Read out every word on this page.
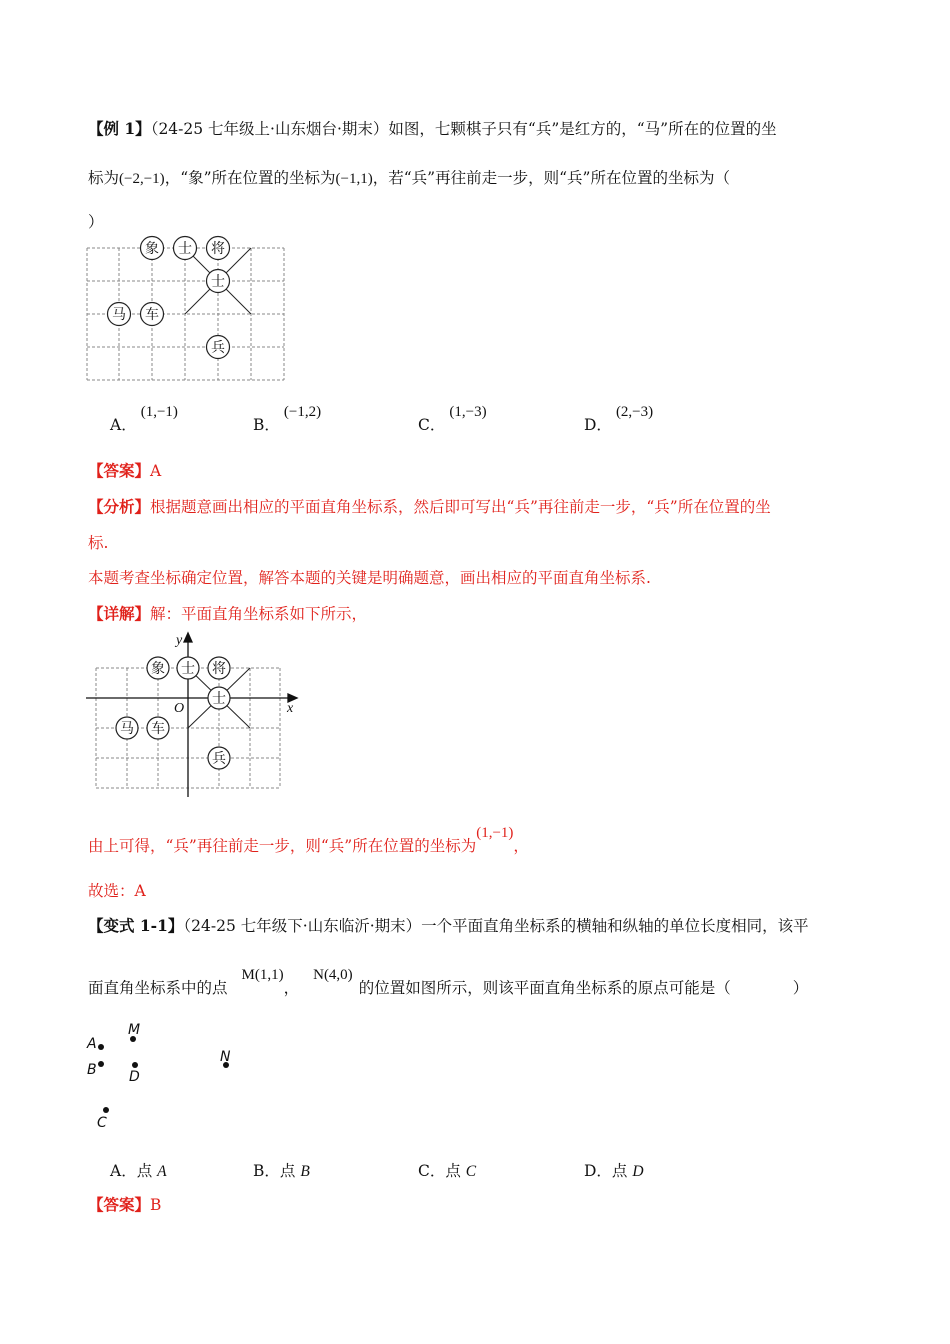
【例 1】（24-25 七年级上·山东烟台·期末）如图，七颗棋子只有“兵”是红方的，“马”所在的位置的坐
标为(−2,−1)，“象”所在位置的坐标为(−1,1)，若“兵”再往前走一步，则“兵”所在位置的坐标为（
）
象 士 将
士
马 车
兵
A．(1,−1)
B．(−1,2)
C．(1,−3)
D．(2,−3)
【答案】A
【分析】根据题意画出相应的平面直角坐标系，然后即可写出“兵”再往前走一步，“兵”所在位置的坐
标.
本题考查坐标确定位置，解答本题的关键是明确题意，画出相应的平面直角坐标系.
【详解】解：平面直角坐标系如下所示，
y
x
O
象 士 将
士
马 车
兵
由上可得，“兵”再往前走一步，则“兵”所在位置的坐标为(1,−1)，
故选：A
【变式 1-1】（24-25 七年级下·山东临沂·期末）一个平面直角坐标系的横轴和纵轴的单位长度相同，该平
面直角坐标系中的点M(1,1)，N(4,0)的位置如图所示，则该平面直角坐标系的原点可能是（　　　　）
M
A
B D
N
C
A．点 A	B．点 B	C．点 C	D．点 D
【答案】B
